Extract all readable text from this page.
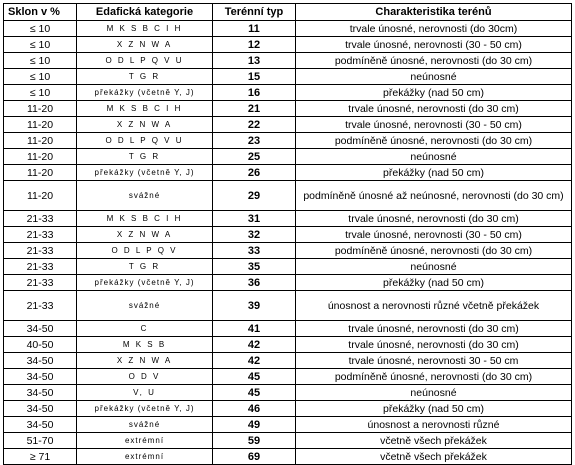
Sklon v %	Edafická kategorie	Terénní typ	Charakteristika terénů
≤ 10	M K S B C I H	11	trvale únosné, nerovnosti (do 30cm)
≤ 10	X Z N W A	12	trvale únosné, nerovnosti (30 - 50 cm)
≤ 10	O D L P Q V U	13	podmíněně únosné, nerovnosti (do 30 cm)
≤ 10	T G R	15	neúnosné
≤ 10	překážky (včetně Y, J)	16	překážky (nad 50 cm)
11-20	M K S B C I H	21	trvale únosné, nerovnosti (do 30 cm)
11-20	X Z N W A	22	trvale únosné, nerovnosti (30 - 50 cm)
11-20	O D L P Q V U	23	podmíněně únosné, nerovnosti (do 30 cm)
11-20	T G R	25	neúnosné
11-20	překážky (včetně Y, J)	26	překážky (nad 50 cm)
11-20	svážné	29	podmíněně únosné až neúnosné, nerovnosti (do 30 cm)
21-33	M K S B C I H	31	trvale únosné, nerovnosti (do 30 cm)
21-33	X Z N W A	32	trvale únosné, nerovnosti (30 - 50 cm)
21-33	O D L P Q V	33	podmíněně únosné, nerovnosti (do 30 cm)
21-33	T G R	35	neúnosné
21-33	překážky (včetně Y, J)	36	překážky (nad 50 cm)
21-33	svážné	39	únosnost a nerovnosti různé včetně překážek
34-50	C	41	trvale únosné, nerovnosti (do 30 cm)
40-50	M K S B	42	trvale únosné, nerovnosti (do 30 cm)
34-50	X Z N W A	42	trvale únosné, nerovnosti 30 - 50 cm
34-50	O D V	45	podmíněně únosné, nerovnosti (do 30 cm)
34-50	V, U	45	neúnosné
34-50	překážky (včetně Y, J)	46	překážky (nad 50 cm)
34-50	svážné	49	únosnost a nerovnosti různé
51-70	extrémní	59	včetně všech překážek
≥ 71	extrémní	69	včetně všech překážek
